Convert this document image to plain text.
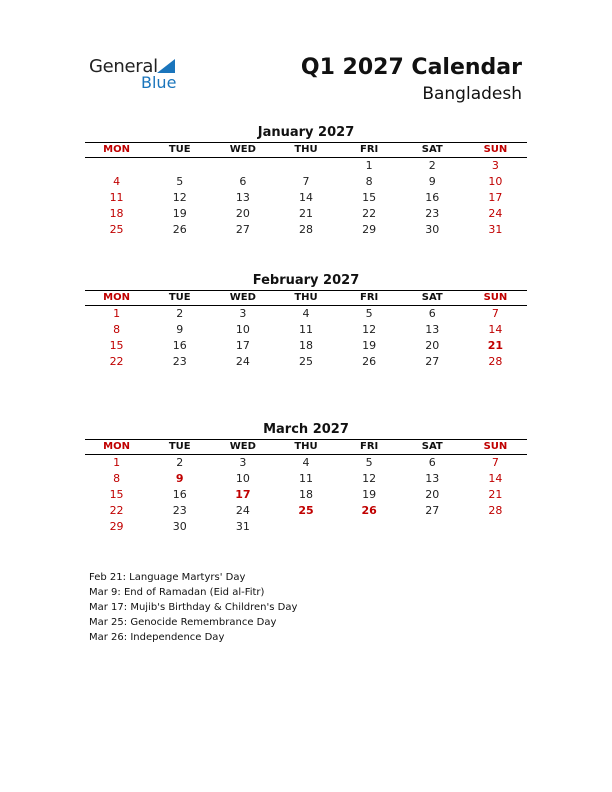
General
Blue
Q1 2027 Calendar
Bangladesh
January 2027
MON	TUE	WED	THU	FRI	SAT	SUN
				1	2	3
4	5	6	7	8	9	10
11	12	13	14	15	16	17
18	19	20	21	22	23	24
25	26	27	28	29	30	31
February 2027
MON	TUE	WED	THU	FRI	SAT	SUN
1	2	3	4	5	6	7
8	9	10	11	12	13	14
15	16	17	18	19	20	21
22	23	24	25	26	27	28
March 2027
MON	TUE	WED	THU	FRI	SAT	SUN
1	2	3	4	5	6	7
8	9	10	11	12	13	14
15	16	17	18	19	20	21
22	23	24	25	26	27	28
29	30	31				
Feb 21: Language Martyrs' Day
Mar 9: End of Ramadan (Eid al-Fitr)
Mar 17: Mujib's Birthday & Children's Day
Mar 25: Genocide Remembrance Day
Mar 26: Independence Day
